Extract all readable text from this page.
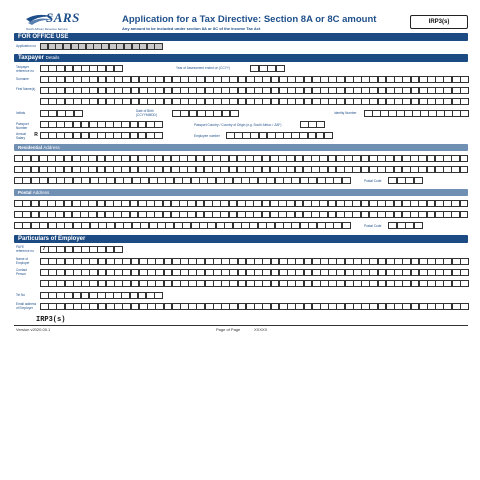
SARS
South African Revenue Service
Application for a Tax Directive: Section 8A or 8C amount
Any amount to be included under section 8A or 8C of the Income Tax Act
IRP3(s)
FOR OFFICE USE
Application no
Taxpayer Details
Taxpayer reference no
Year of Assessment ended on (CCYY)
Surname
First Name(s)
Initials	Date of Birth (CCYYMMDD)	Identity Number
Passport Number
Passport Country / Country of Origin (e.g. South Africa = ZAF)
Annual Salary	R	Employee number
Residential Address
Postal Code
Postal Address
Postal Code
Particulars of Employer
PAYE reference no	7
Name of Employer
Contact Person
Tel No
Email address of Employer
IRP3(s)
Version v2020.00.1	Page of Page	XXXXX
